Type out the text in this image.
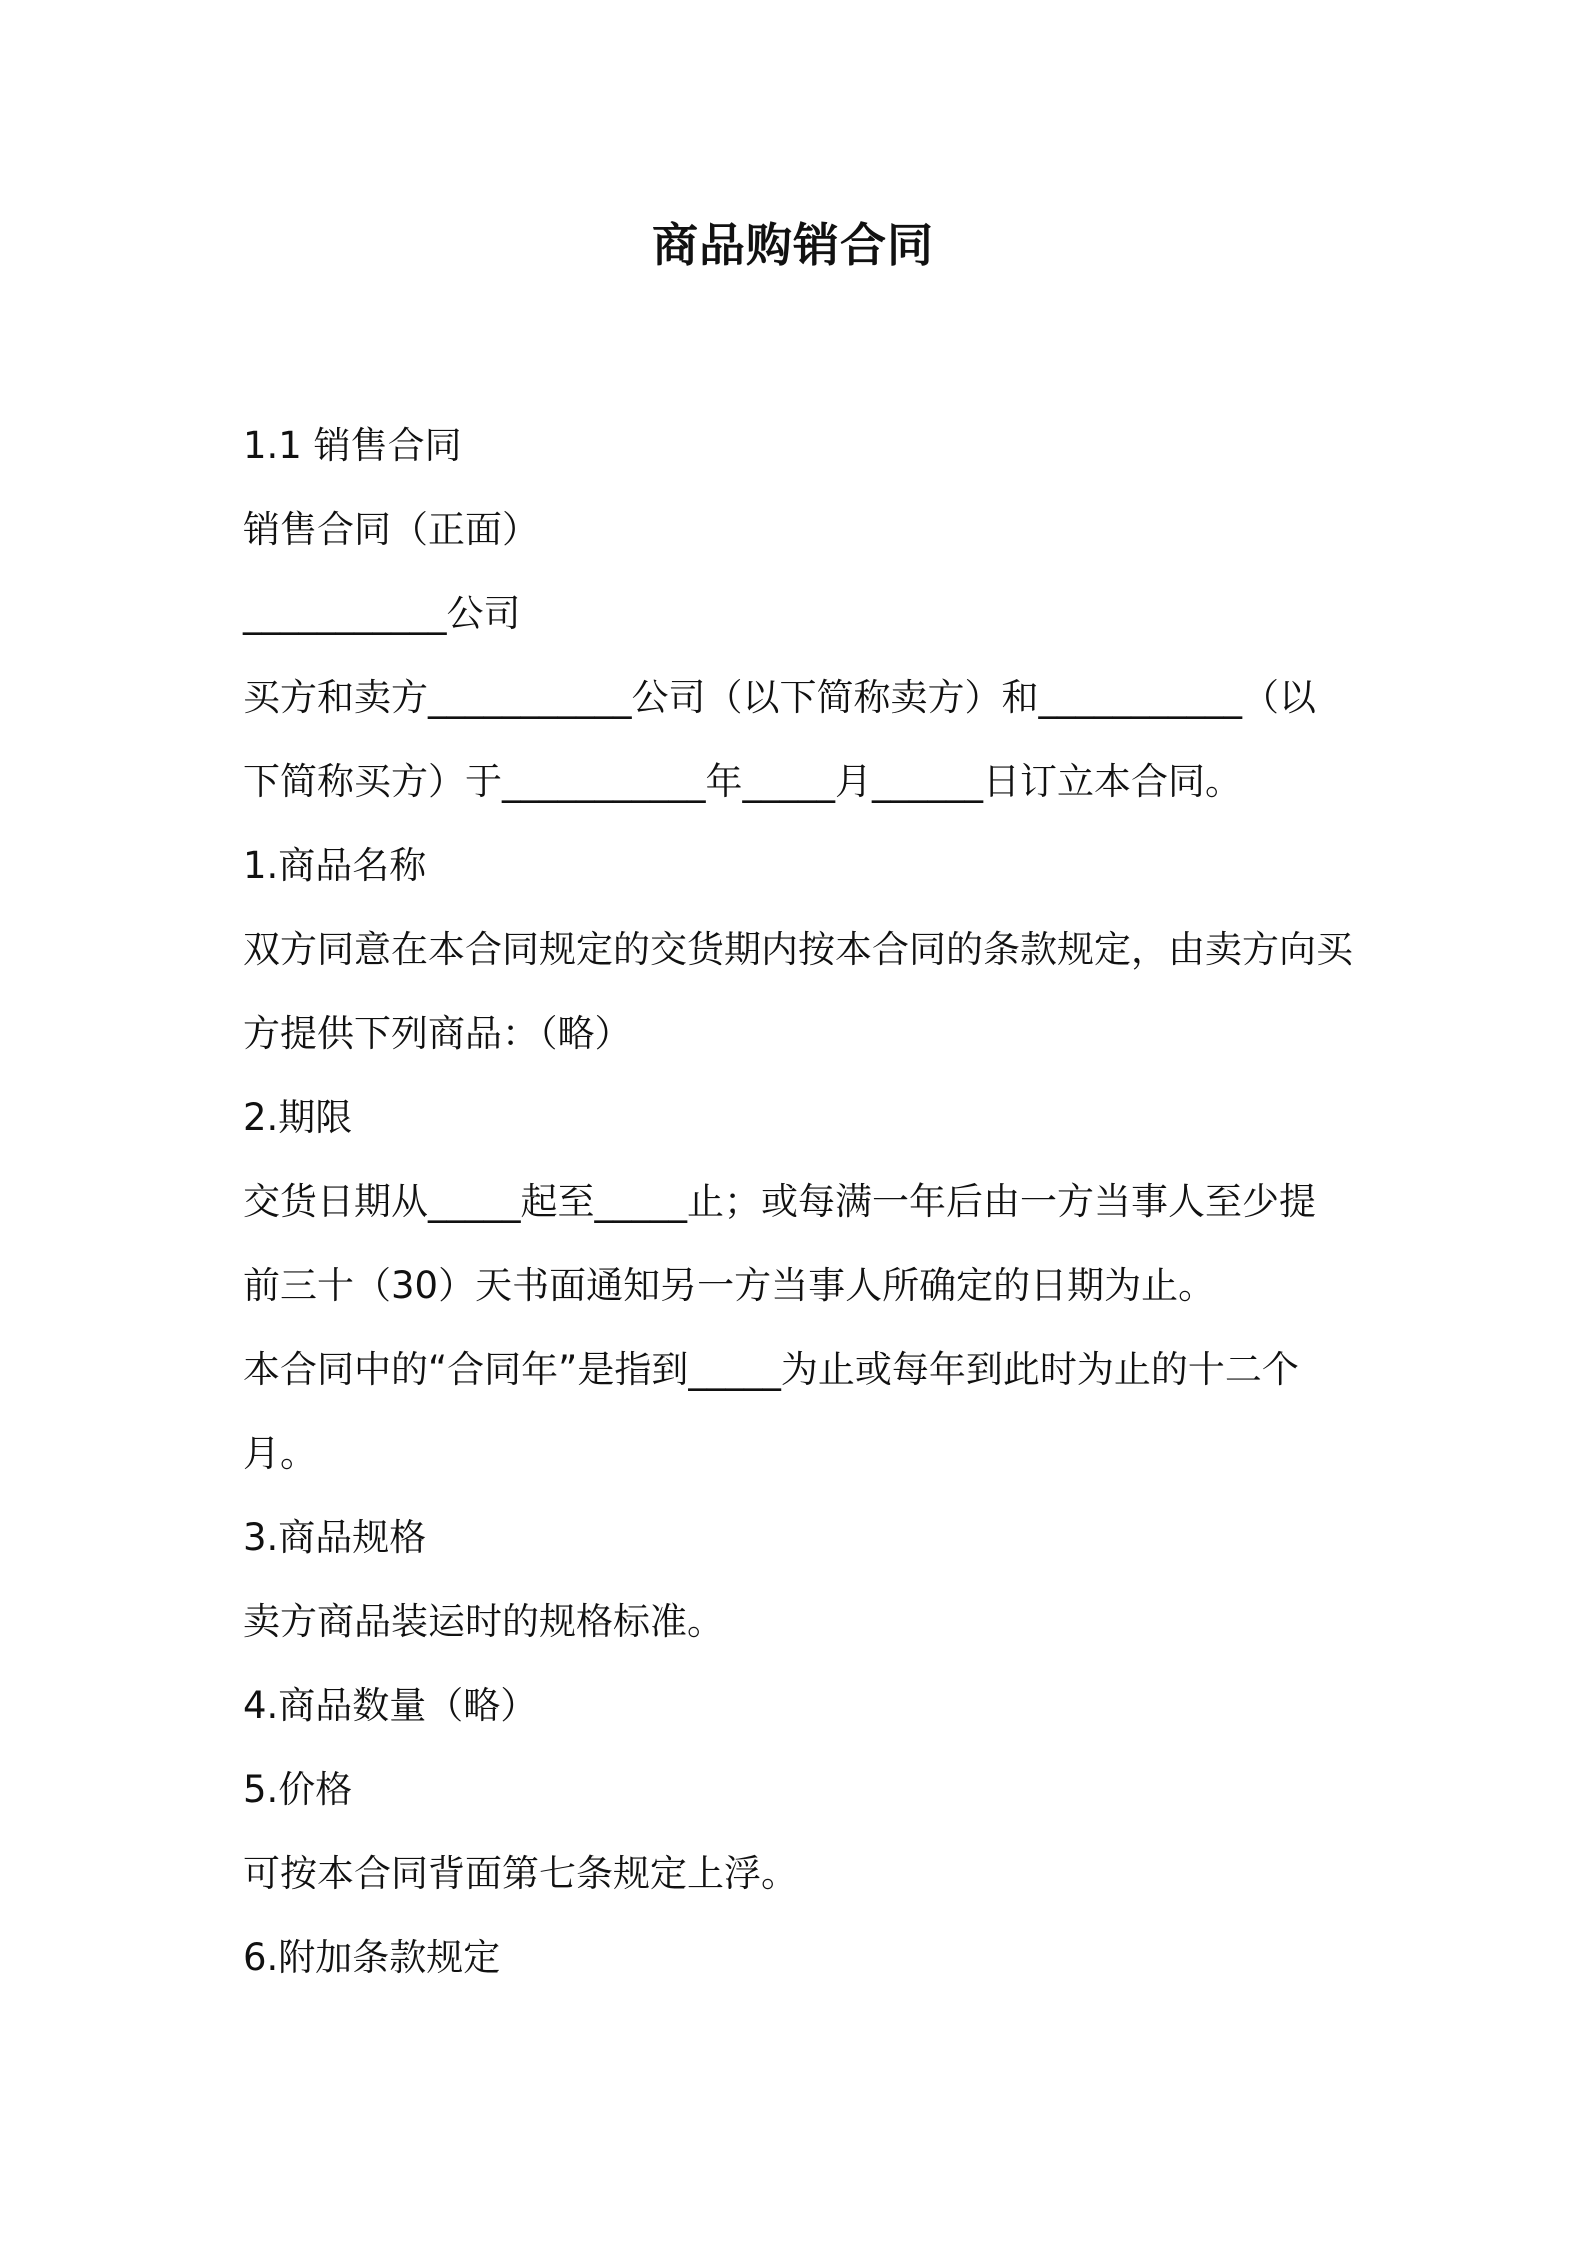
商品购销合同
1.1 销售合同
销售合同（正面）
___________公司
买方和卖方___________公司（以下简称卖方）和___________（以
下简称买方）于___________年_____月______日订立本合同。
1.商品名称
双方同意在本合同规定的交货期内按本合同的条款规定，由卖方向买
方提供下列商品：（略）
2.期限
交货日期从_____起至_____止；或每满一年后由一方当事人至少提
前三十（30）天书面通知另一方当事人所确定的日期为止。
本合同中的“合同年”是指到_____为止或每年到此时为止的十二个
月。
3.商品规格
卖方商品装运时的规格标准。
4.商品数量（略）
5.价格
可按本合同背面第七条规定上浮。
6.附加条款规定
